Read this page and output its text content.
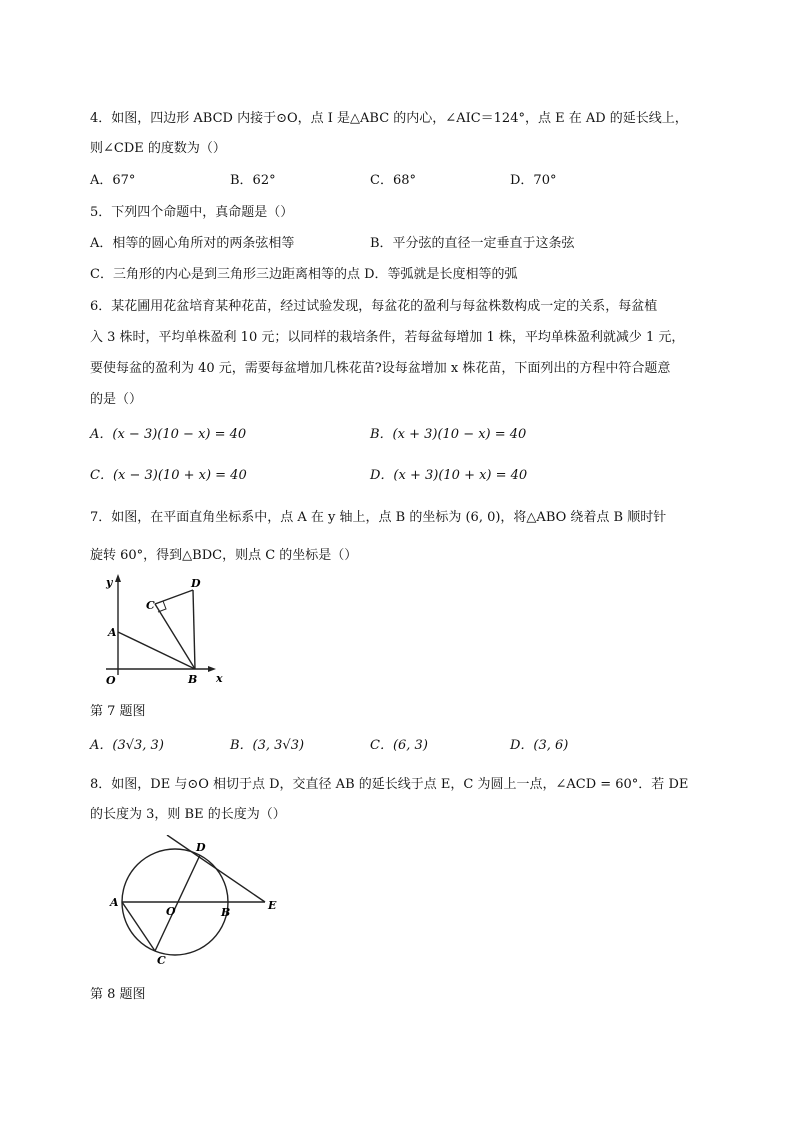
4．如图，四边形 ABCD 内接于⊙O，点 I 是△ABC 的内心，∠AIC＝124°，点 E 在 AD 的延长线上，
则∠CDE 的度数为（）
A．67°	B．62°	C．68°	D．70°
5．下列四个命题中，真命题是（）
A．相等的圆心角所对的两条弦相等	B．平分弦的直径一定垂直于这条弦
C．三角形的内心是到三角形三边距离相等的点 D．等弧就是长度相等的弧
6．某花圃用花盆培育某种花苗，经过试验发现，每盆花的盈利与每盆株数构成一定的关系，每盆植
入 3 株时，平均单株盈利 10 元；以同样的栽培条件，若每盆每增加 1 株，平均单株盈利就减少 1 元，
要使每盆的盈利为 40 元，需要每盆增加几株花苗?设每盆增加 x 株花苗，下面列出的方程中符合题意
的是（）
A．(x − 3)(10 − x) = 40	B．(x + 3)(10 − x) = 40
C．(x − 3)(10 + x) = 40	D．(x + 3)(10 + x) = 40
7．如图，在平面直角坐标系中，点 A 在 y 轴上，点 B 的坐标为 (6, 0)，将△ABO 绕着点 B 顺时针
旋转 60°，得到△BDC，则点 C 的坐标是（）
y
x
O
A
B
C
D
第 7 题图
A．(3√3, 3)	B．(3, 3√3)	C．(6, 3)	D．(3, 6)
8．如图，DE 与⊙O 相切于点 D，交直径 AB 的延长线于点 E，C 为圆上一点，∠ACD = 60°．若 DE
的长度为 3，则 BE 的长度为（）
A
O	B
E
D
C
第 8 题图
